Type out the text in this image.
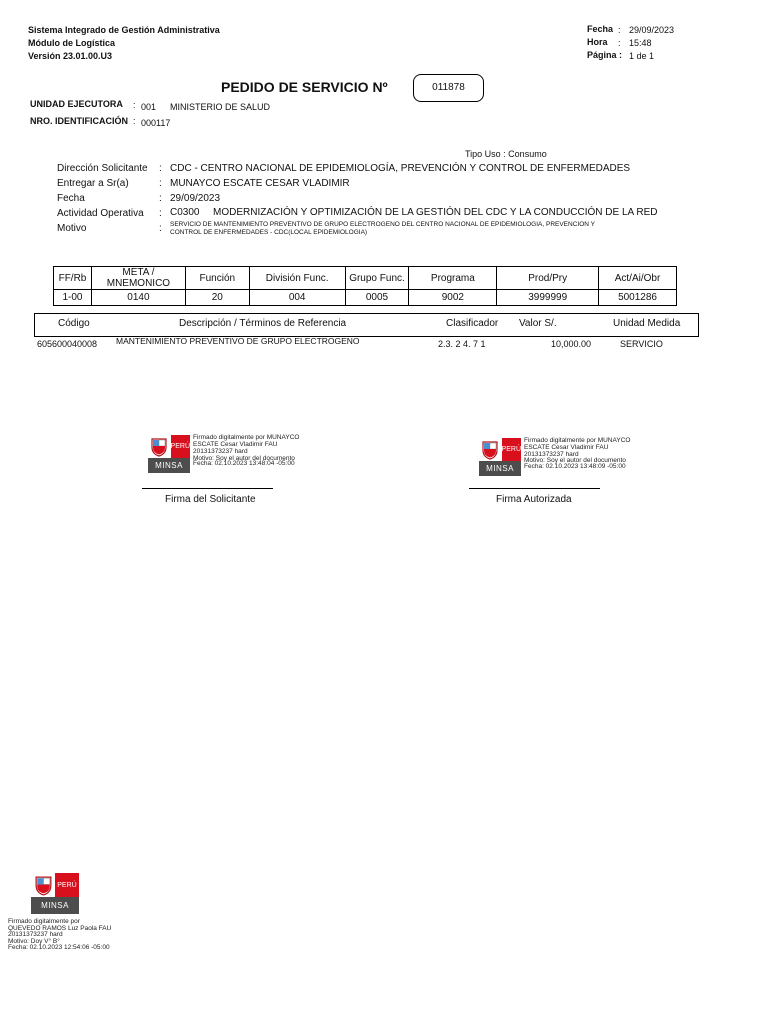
Sistema Integrado de Gestión Administrativa
Módulo de Logística
Versión 23.01.00.U3
Fecha : 29/09/2023
Hora : 15:48
Página : 1 de 1
PEDIDO DE SERVICIO Nº	011878
UNIDAD EJECUTORA : 001 MINISTERIO DE SALUD
NRO. IDENTIFICACIÓN : 000117
Tipo Uso : Consumo
Dirección Solicitante : CDC - CENTRO NACIONAL DE EPIDEMIOLOGÍA, PREVENCIÓN Y CONTROL DE ENFERMEDADES
Entregar a Sr(a)	: MUNAYCO ESCATE CESAR VLADIMIR
Fecha	: 29/09/2023
Actividad Operativa : C0300 MODERNIZACIÓN Y OPTIMIZACIÓN DE LA GESTIÓN DEL CDC Y LA CONDUCCIÓN DE LA RED
Motivo	: SERVICIO DE MANTENIMIENTO PREVENTIVO DE GRUPO ELECTROGENO DEL CENTRO NACIONAL DE EPIDEMIOLOGIA, PREVENCION Y
CONTROL DE ENFERMEDADES - CDC(LOCAL EPIDEMIOLOGIA)
FF/Rb	META / MNEMONICO	Función	División Func.	Grupo Func.	Programa	Prod/Pry	Act/Ai/Obr
1-00	0140	20	004	0005	9002	3999999	5001286
Código	Descripción / Términos de Referencia	Clasificador Valor S/.	Unidad Medida
605600040008 MANTENIMIENTO PREVENTIVO DE GRUPO ELECTROGENO	2.3. 2 4. 7 1	10,000.00	SERVICIO
PERÚ
MINSA
Firmado digitalmente por MUNAYCO
ESCATE Cesar Vladimir FAU
20131373237 hard
Motivo: Soy el autor del documento
Fecha: 02.10.2023 13:48:04 -05:00
Firma del Solicitante
PERÚ
MINSA
Firmado digitalmente por MUNAYCO
ESCATE Cesar Vladimir FAU
20131373237 hard
Motivo: Soy el autor del documento
Fecha: 02.10.2023 13:48:09 -05:00
Firma Autorizada
PERÚ
MINSA
Firmado digitalmente por
QUEVEDO RAMOS Luz Paola FAU
20131373237 hard
Motivo: Doy V° B°
Fecha: 02.10.2023 12:54:06 -05:00
